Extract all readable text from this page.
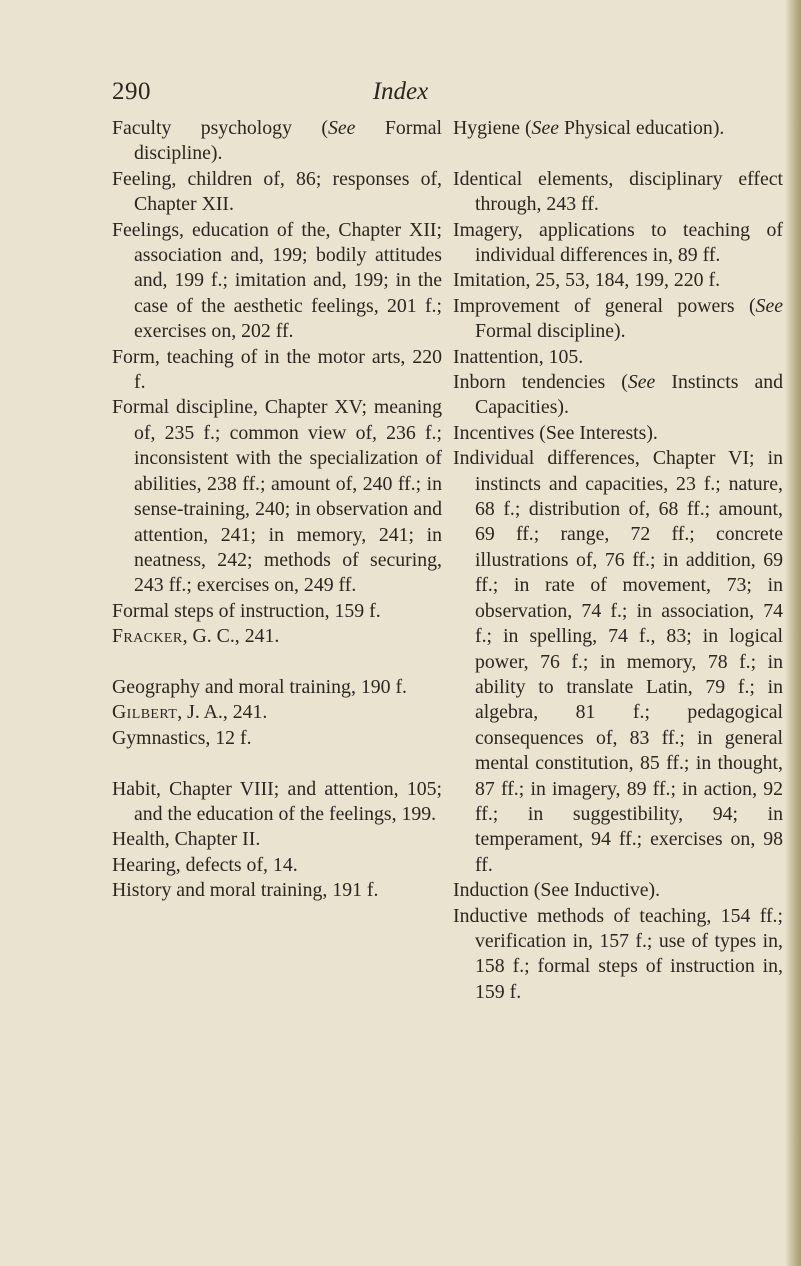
290	Index

Faculty psychology (See Formal discipline).

Feeling, children of, 86; responses of, Chapter XII.

Feelings, education of the, Chapter XII; association and, 199; bodily attitudes and, 199 f.; imitation and, 199; in the case of the aesthetic feelings, 201 f.; exercises on, 202 ff.

Form, teaching of in the motor arts, 220 f.

Formal discipline, Chapter XV; meaning of, 235 f.; common view of, 236 f.; inconsistent with the specialization of abilities, 238 ff.; amount of, 240 ff.; in sense-training, 240; in observation and attention, 241; in memory, 241; in neatness, 242; methods of securing, 243 ff.; exercises on, 249 ff.

Formal steps of instruction, 159 f.

Fracker, G. C., 241.

Geography and moral training, 190 f.

Gilbert, J. A., 241.

Gymnastics, 12 f.

Habit, Chapter VIII; and attention, 105; and the education of the feelings, 199.

Health, Chapter II.

Hearing, defects of, 14.

History and moral training, 191 f.

Hygiene (See Physical education).

Identical elements, disciplinary effect through, 243 ff.

Imagery, applications to teaching of individual differences in, 89 ff.

Imitation, 25, 53, 184, 199, 220 f.

Improvement of general powers (See Formal discipline).

Inattention, 105.

Inborn tendencies (See Instincts and Capacities).

Incentives (See Interests).

Individual differences, Chapter VI; in instincts and capacities, 23 f.; nature, 68 f.; distribution of, 68 ff.; amount, 69 ff.; range, 72 ff.; concrete illustrations of, 76 ff.; in addition, 69 ff.; in rate of movement, 73; in observation, 74 f.; in association, 74 f.; in spelling, 74 f., 83; in logical power, 76 f.; in memory, 78 f.; in ability to translate Latin, 79 f.; in algebra, 81 f.; pedagogical consequences of, 83 ff.; in general mental constitution, 85 ff.; in thought, 87 ff.; in imagery, 89 ff.; in action, 92 ff.; in suggestibility, 94; in temperament, 94 ff.; exercises on, 98 ff.

Induction (See Inductive).

Inductive methods of teaching, 154 ff.; verification in, 157 f.; use of types in, 158 f.; formal steps of instruction in, 159 f.
